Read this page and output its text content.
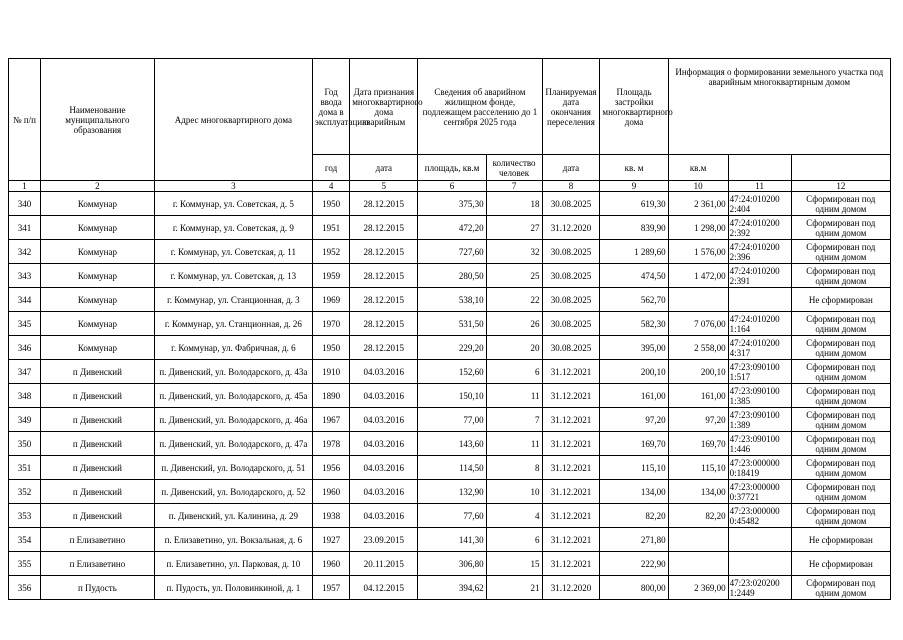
№ п/п	Наименование муниципального образования	Адрес многоквартирного дома	Год ввода дома в эксплуатацию	Дата признания многоквартирного дома аварийным	Сведения об аварийном жилищном фонде, подлежащем расселению до 1 сентября 2025 года		Планируемая дата окончания переселения	Площадь застройки многоквартирного дома	Информация о формировании земельного участка под аварийным многоквартирным домом		
			год	дата	площадь, кв.м	количество человек	дата	кв. м	кв.м		
1	2	3	4	5	6	7	8	9	10	11	12
340	Коммунар	г. Коммунар, ул. Советская, д. 5	1950	28.12.2015	375,30	18	30.08.2025	619,30	2 361,00	47:24:010200 2:404	Сформирован под одним домом
341	Коммунар	г. Коммунар, ул. Советская, д. 9	1951	28.12.2015	472,20	27	31.12.2020	839,90	1 298,00	47:24:010200 2:392	Сформирован под одним домом
342	Коммунар	г. Коммунар, ул. Советская, д. 11	1952	28.12.2015	727,60	32	30.08.2025	1 289,60	1 576,00	47:24:010200 2:396	Сформирован под одним домом
343	Коммунар	г. Коммунар, ул. Советская, д. 13	1959	28.12.2015	280,50	25	30.08.2025	474,50	1 472,00	47:24:010200 2:391	Сформирован под одним домом
344	Коммунар	г. Коммунар, ул. Станционная, д. 3	1969	28.12.2015	538,10	22	30.08.2025	562,70			Не сформирован
345	Коммунар	г. Коммунар, ул. Станционная, д. 26	1970	28.12.2015	531,50	26	30.08.2025	582,30	7 076,00	47:24:010200 1:164	Сформирован под одним домом
346	Коммунар	г. Коммунар, ул. Фабричная, д. 6	1950	28.12.2015	229,20	20	30.08.2025	395,00	2 558,00	47:24:010200 4:317	Сформирован под одним домом
347	п Дивенский	п. Дивенский, ул. Володарского, д. 43а	1910	04.03.2016	152,60	6	31.12.2021	200,10	200,10	47:23:090100 1:517	Сформирован под одним домом
348	п Дивенский	п. Дивенский, ул. Володарского, д. 45а	1890	04.03.2016	150,10	11	31.12.2021	161,00	161,00	47:23:090100 1:385	Сформирован под одним домом
349	п Дивенский	п. Дивенский, ул. Володарского, д. 46а	1967	04.03.2016	77,00	7	31.12.2021	97,20	97,20	47:23:090100 1:389	Сформирован под одним домом
350	п Дивенский	п. Дивенский, ул. Володарского, д. 47а	1978	04.03.2016	143,60	11	31.12.2021	169,70	169,70	47:23:090100 1:446	Сформирован под одним домом
351	п Дивенский	п. Дивенский, ул. Володарского, д. 51	1956	04.03.2016	114,50	8	31.12.2021	115,10	115,10	47:23:000000 0:18419	Сформирован под одним домом
352	п Дивенский	п. Дивенский, ул. Володарского, д. 52	1960	04.03.2016	132,90	10	31.12.2021	134,00	134,00	47:23:000000 0:37721	Сформирован под одним домом
353	п Дивенский	п. Дивенский, ул. Калинина, д. 29	1938	04.03.2016	77,60	4	31.12.2021	82,20	82,20	47:23:000000 0:45482	Сформирован под одним домом
354	п Елизаветино	п. Елизаветино, ул. Вокзальная, д. 6	1927	23.09.2015	141,30	6	31.12.2021	271,80			Не сформирован
355	п Елизаветино	п. Елизаветино, ул. Парковая, д. 10	1960	20.11.2015	306,80	15	31.12.2021	222,90			Не сформирован
356	п Пудость	п. Пудость, ул. Половинкиной, д. 1	1957	04.12.2015	394,62	21	31.12.2020	800,00	2 369,00	47:23:020200 1:2449	Сформирован под одним домом
